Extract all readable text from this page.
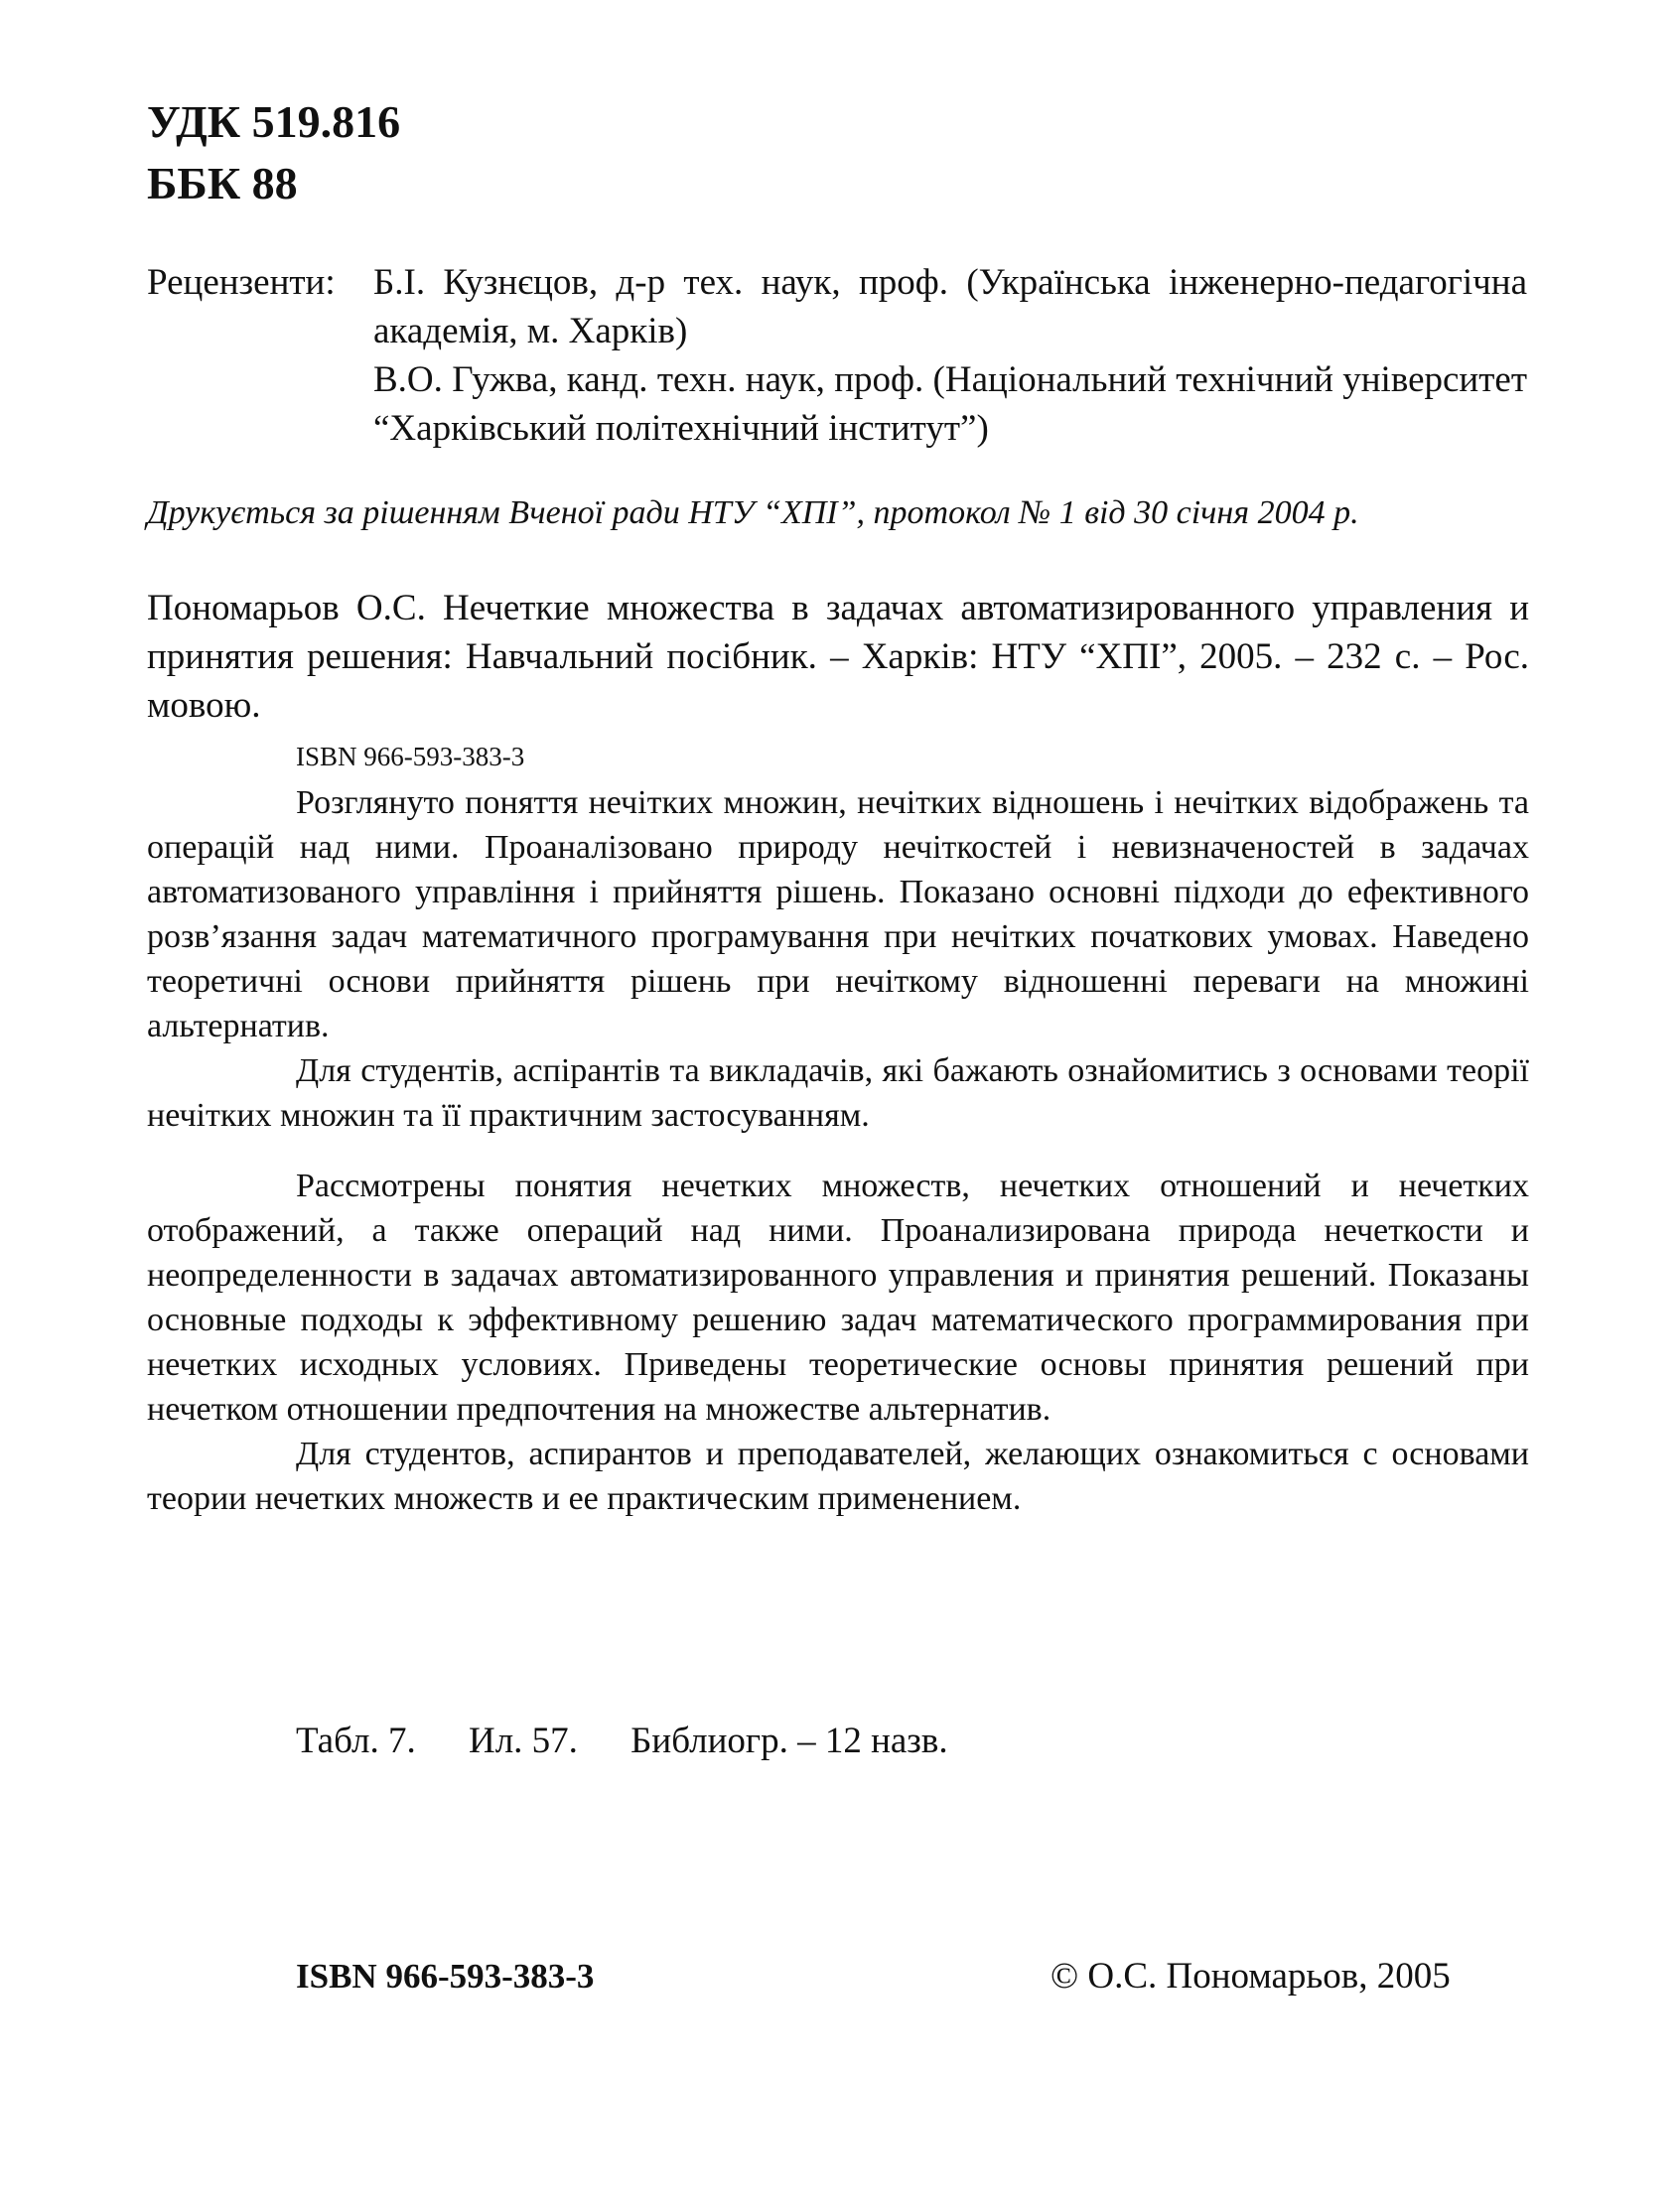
УДК 519.816
ББК 88
Рецензенти:	Б.І. Кузнєцов, д-р тех. наук, проф. (Українська інженерно-педагогічна академія, м. Харків)

В.О. Гужва, канд. техн. наук, проф. (Національний технічний університет “Харківський політехнічний інститут”)

Друкується за рішенням Вченої ради НТУ “ХПІ”, протокол № 1 від 30 січня 2004 р.
Пономарьов О.С. Нечеткие множества в задачах автоматизированного управления и принятия решения: Навчальний посібник. – Харків: НТУ “ХПІ”, 2005. – 232 с. – Рос. мовою.
ISBN 966-593-383-3

Розглянуто поняття нечітких множин, нечітких відношень і нечітких відображень та операцій над ними. Проаналізовано природу нечіткостей і невизначеностей в задачах автоматизованого управління і прийняття рішень. Показано основні підходи до ефективного розв’язання задач математичного програмування при нечітких початкових умовах. Наведено теоретичні основи прийняття рішень при нечіткому відношенні переваги на множині альтернатив.

Для студентів, аспірантів та викладачів, які бажають ознайомитись з основами теорії нечітких множин та її практичним застосуванням.

Рассмотрены понятия нечетких множеств, нечетких отношений и нечетких отображений, а также операций над ними. Проанализирована природа нечеткости и неопределенности в задачах автоматизированного управления и принятия решений. Показаны основные подходы к эффективному решению задач математического программирования при нечетких исходных условиях. Приведены теоретические основы принятия решений при нечетком отношении предпочтения на множестве альтернатив.

Для студентов, аспирантов и преподавателей, желающих ознакомиться с основами теории нечетких множеств и ее практическим применением.

Табл. 7. Ил. 57. Библиогр. – 12 назв.
ISBN 966-593-383-3	© О.С. Пономарьов, 2005
